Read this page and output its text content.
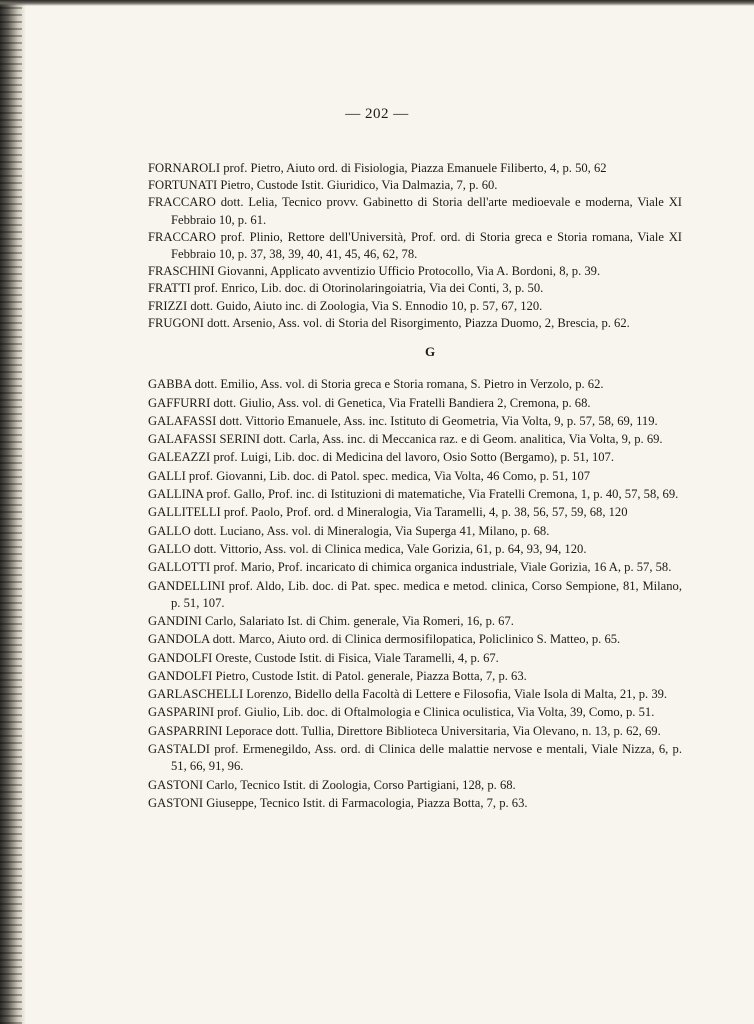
— 202 —

FORNAROLI prof. Pietro, Aiuto ord. di Fisiologia, Piazza Emanuele Filiberto, 4, p. 50, 62

FORTUNATI Pietro, Custode Istit. Giuridico, Via Dalmazia, 7, p. 60.

FRACCARO dott. Lelia, Tecnico provv. Gabinetto di Storia dell'arte medioevale e moderna, Viale XI Febbraio 10, p. 61.

FRACCARO prof. Plinio, Rettore dell'Università, Prof. ord. di Storia greca e Storia romana, Viale XI Febbraio 10, p. 37, 38, 39, 40, 41, 45, 46, 62, 78.

FRASCHINI Giovanni, Applicato avventizio Ufficio Protocollo, Via A. Bordoni, 8, p. 39.

FRATTI prof. Enrico, Lib. doc. di Otorinolaringoiatria, Via dei Conti, 3, p. 50.

FRIZZI dott. Guido, Aiuto inc. di Zoologia, Via S. Ennodio 10, p. 57, 67, 120.

FRUGONI dott. Arsenio, Ass. vol. di Storia del Risorgimento, Piazza Duomo, 2, Brescia, p. 62.

G

GABBA dott. Emilio, Ass. vol. di Storia greca e Storia romana, S. Pietro in Verzolo, p. 62.

GAFFURRI dott. Giulio, Ass. vol. di Genetica, Via Fratelli Bandiera 2, Cremona, p. 68.

GALAFASSI dott. Vittorio Emanuele, Ass. inc. Istituto di Geometria, Via Volta, 9, p. 57, 58, 69, 119.

GALAFASSI SERINI dott. Carla, Ass. inc. di Meccanica raz. e di Geom. analitica, Via Volta, 9, p. 69.

GALEAZZI prof. Luigi, Lib. doc. di Medicina del lavoro, Osio Sotto (Bergamo), p. 51, 107.

GALLI prof. Giovanni, Lib. doc. di Patol. spec. medica, Via Volta, 46 Como, p. 51, 107

GALLINA prof. Gallo, Prof. inc. di Istituzioni di matematiche, Via Fratelli Cremona, 1, p. 40, 57, 58, 69.

GALLITELLI prof. Paolo, Prof. ord. d Mineralogia, Via Taramelli, 4, p. 38, 56, 57, 59, 68, 120

GALLO dott. Luciano, Ass. vol. di Mineralogia, Via Superga 41, Milano, p. 68.

GALLO dott. Vittorio, Ass. vol. di Clinica medica, Vale Gorizia, 61, p. 64, 93, 94, 120.

GALLOTTI prof. Mario, Prof. incaricato di chimica organica industriale, Viale Gorizia, 16 A, p. 57, 58.

GANDELLINI prof. Aldo, Lib. doc. di Pat. spec. medica e metod. clinica, Corso Sempione, 81, Milano, p. 51, 107.

GANDINI Carlo, Salariato Ist. di Chim. generale, Via Romeri, 16, p. 67.

GANDOLA dott. Marco, Aiuto ord. di Clinica dermosifilopatica, Policlinico S. Matteo, p. 65.

GANDOLFI Oreste, Custode Istit. di Fisica, Viale Taramelli, 4, p. 67.

GANDOLFI Pietro, Custode Istit. di Patol. generale, Piazza Botta, 7, p. 63.

GARLASCHELLI Lorenzo, Bidello della Facoltà di Lettere e Filosofia, Viale Isola di Malta, 21, p. 39.

GASPARINI prof. Giulio, Lib. doc. di Oftalmologia e Clinica oculistica, Via Volta, 39, Como, p. 51.

GASPARRINI Leporace dott. Tullia, Direttore Biblioteca Universitaria, Via Olevano, n. 13, p. 62, 69.

GASTALDI prof. Ermenegildo, Ass. ord. di Clinica delle malattie nervose e mentali, Viale Nizza, 6, p. 51, 66, 91, 96.

GASTONI Carlo, Tecnico Istit. di Zoologia, Corso Partigiani, 128, p. 68.

GASTONI Giuseppe, Tecnico Istit. di Farmacologia, Piazza Botta, 7, p. 63.
